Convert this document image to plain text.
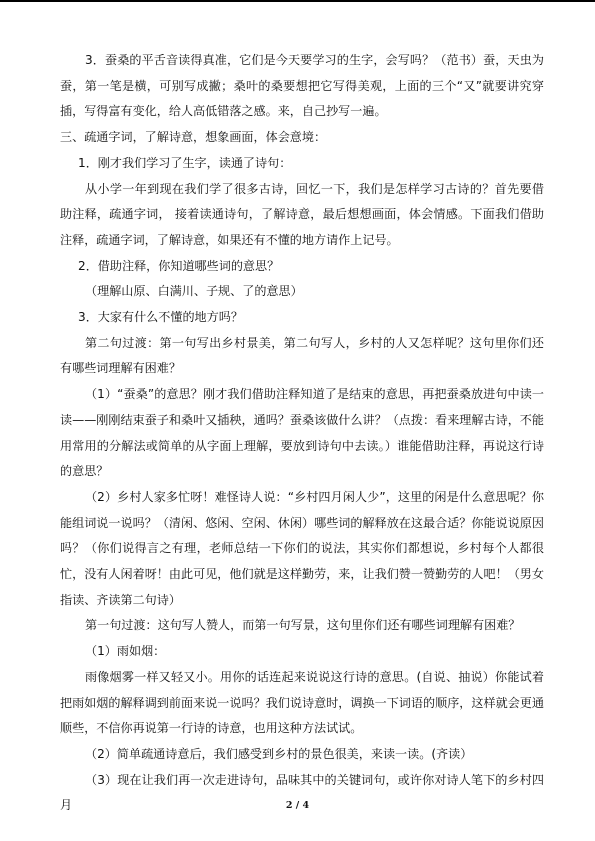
3．蚕桑的平舌音读得真准，它们是今天要学习的生字，会写吗？（范书）蚕，天虫为蚕，第一笔是横，可别写成撇；桑叶的桑要想把它写得美观，上面的三个“又”就要讲究穿插，写得富有变化，给人高低错落之感。来，自己抄写一遍。

三、疏通字词，了解诗意，想象画面，体会意境：

1．刚才我们学习了生字，读通了诗句：

从小学一年到现在我们学了很多古诗，回忆一下，我们是怎样学习古诗的？首先要借助注释，疏通字词， 接着读通诗句，了解诗意，最后想想画面，体会情感。下面我们借助注释，疏通字词，了解诗意，如果还有不懂的地方请作上记号。

2．借助注释，你知道哪些词的意思？

（理解山原、白满川、子规、了的意思）

3．大家有什么不懂的地方吗？

第二句过渡：第一句写出乡村景美，第二句写人，乡村的人又怎样呢？这句里你们还有哪些词理解有困难？

（1）“蚕桑”的意思？刚才我们借助注释知道了是结束的意思，再把蚕桑放进句中读一读——刚刚结束蚕子和桑叶又插秧，通吗？蚕桑该做什么讲？（点拨：看来理解古诗，不能用常用的分解法或简单的从字面上理解，要放到诗句中去读。）谁能借助注释，再说这行诗的意思？

（2）乡村人家多忙呀！难怪诗人说：“乡村四月闲人少”，这里的闲是什么意思呢？你能组词说一说吗？（清闲、悠闲、空闲、休闲）哪些词的解释放在这最合适？你能说说原因吗？（你们说得言之有理，老师总结一下你们的说法，其实你们都想说，乡村每个人都很忙，没有人闲着呀！由此可见，他们就是这样勤劳，来，让我们赞一赞勤劳的人吧！（男女指读、齐读第二句诗）

第一句过渡：这句写人赞人，而第一句写景，这句里你们还有哪些词理解有困难？

（1）雨如烟：

雨像烟雾一样又轻又小。用你的话连起来说说这行诗的意思。(自说、抽说）你能试着把雨如烟的解释调到前面来说一说吗？我们说诗意时，调换一下词语的顺序，这样就会更通顺些，不信你再说第一行诗的诗意，也用这种方法试试。

（2）简单疏通诗意后，我们感受到乡村的景色很美，来读一读。(齐读）

（3）现在让我们再一次走进诗句，品味其中的关键词句，或许你对诗人笔下的乡村四月	2 / 4
